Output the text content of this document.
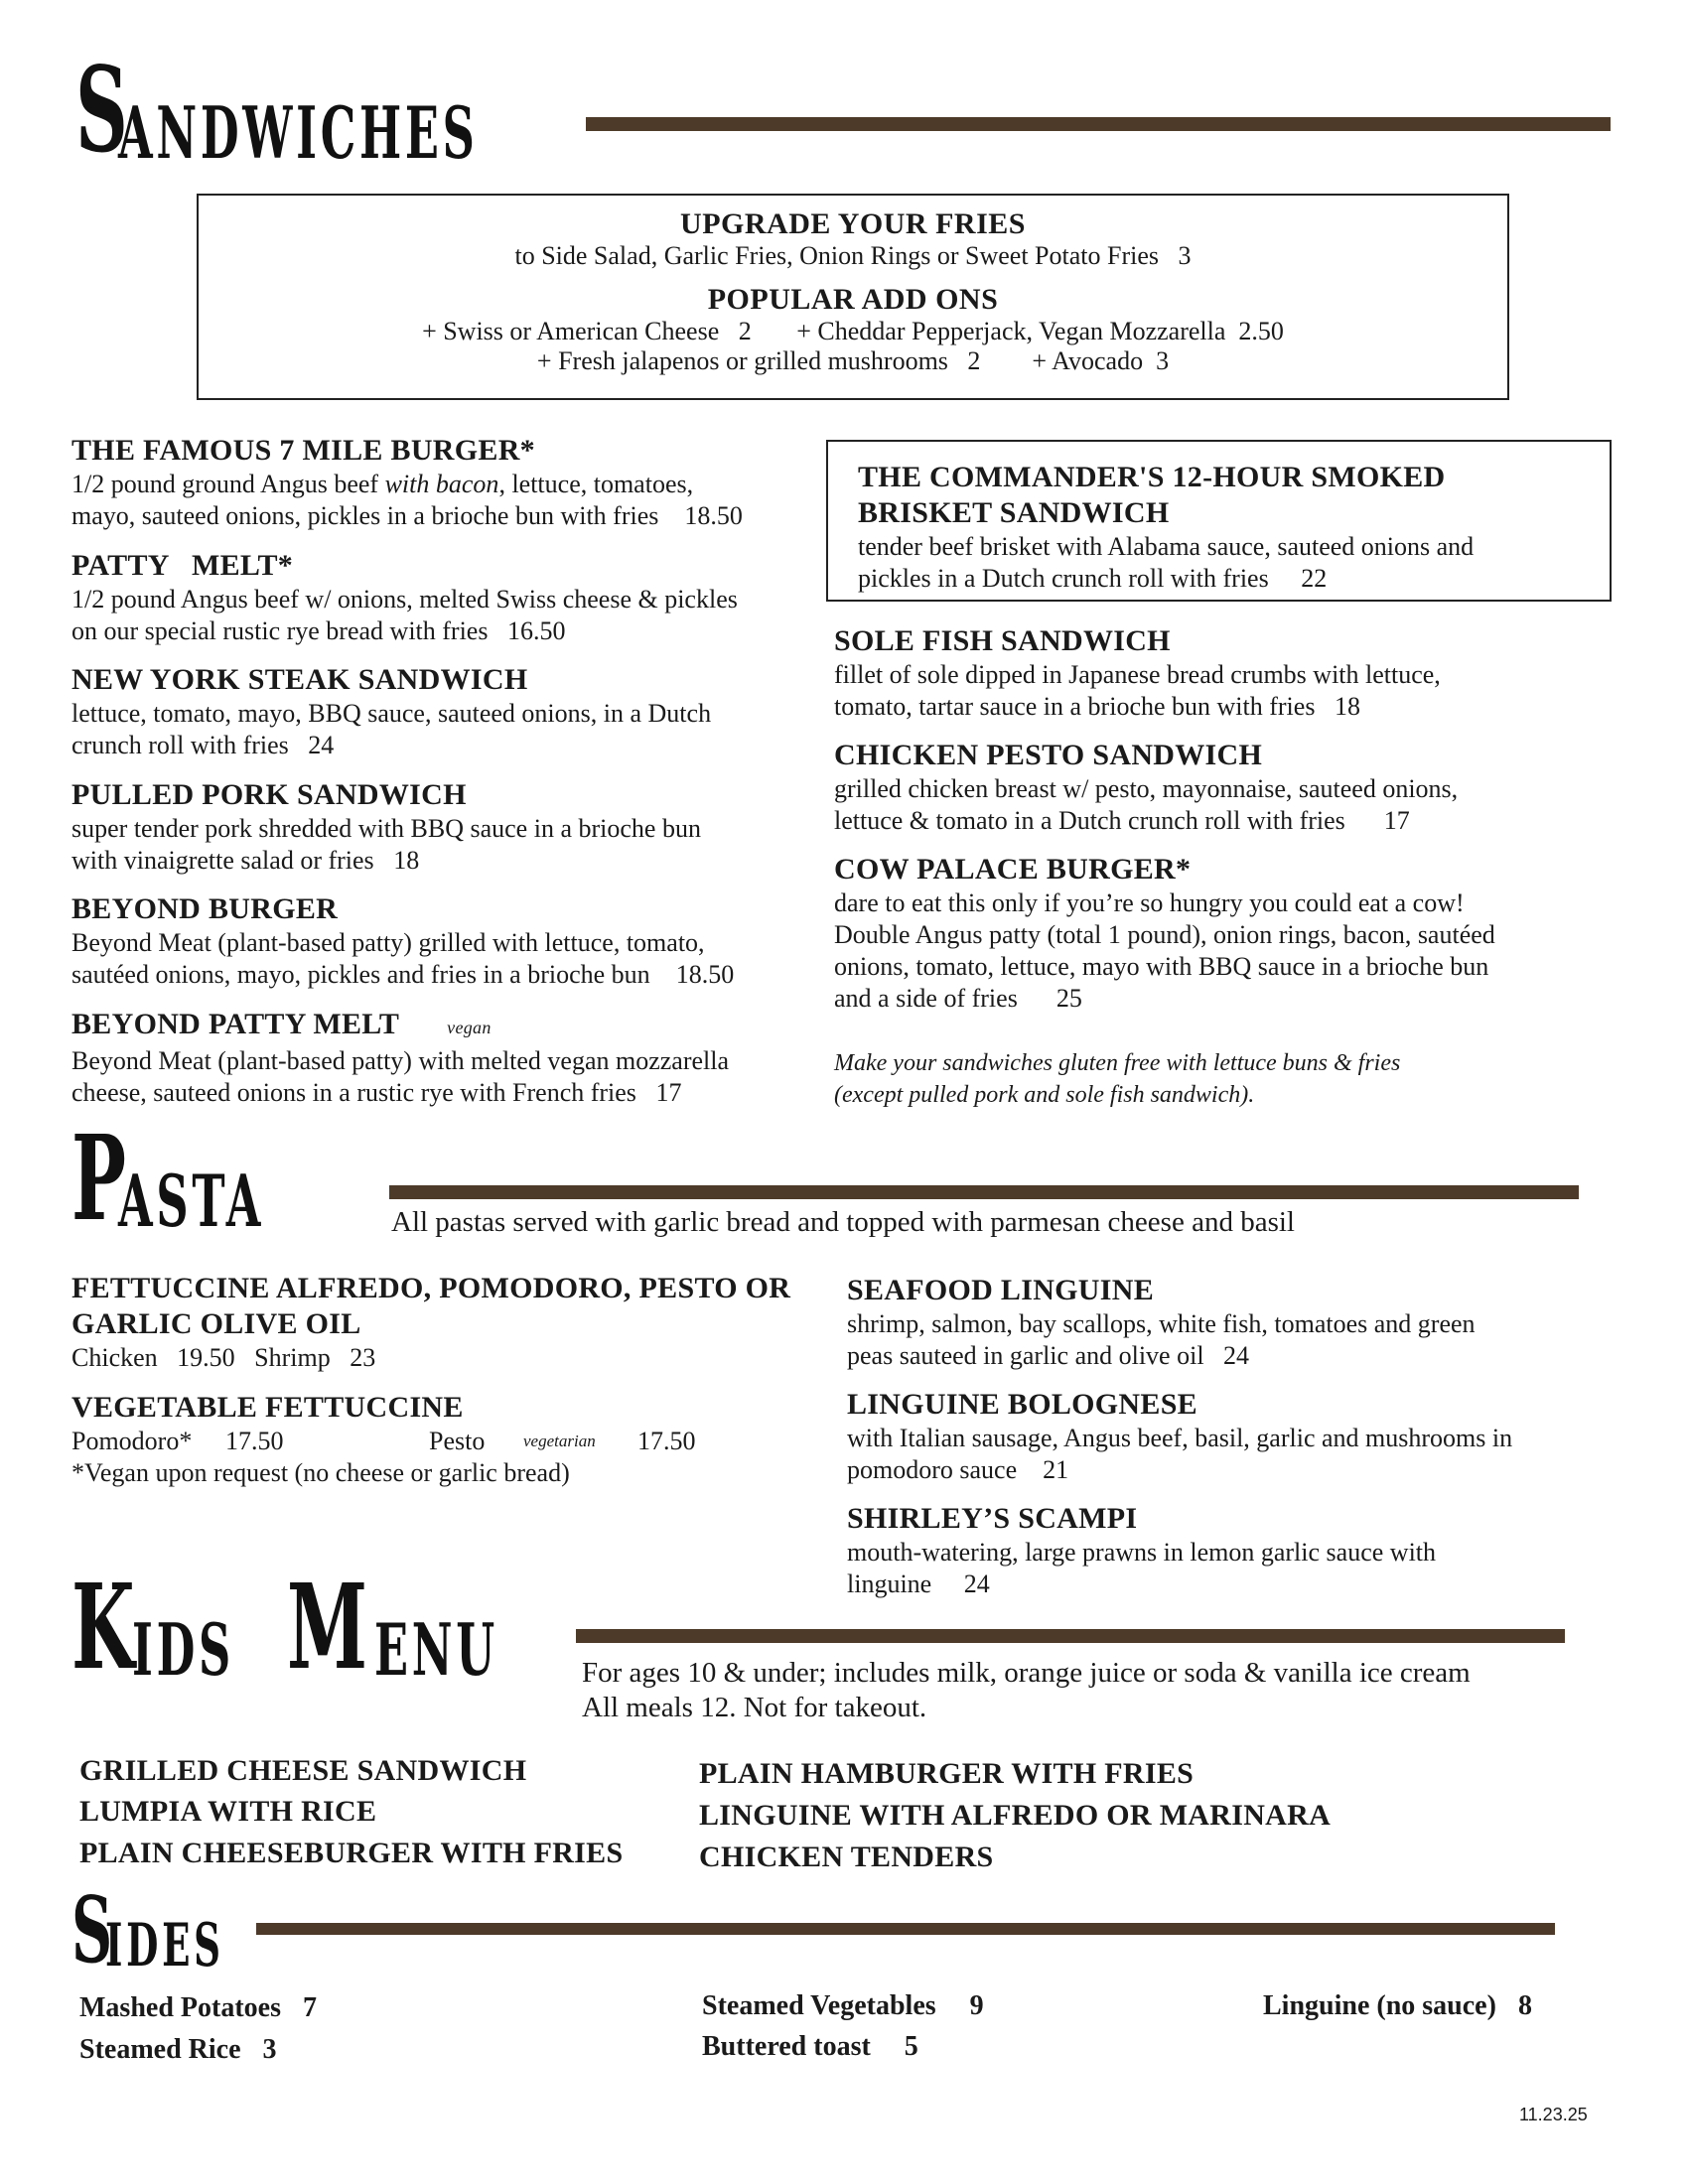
S
ANDWICHES
UPGRADE YOUR FRIES
to Side Salad, Garlic Fries, Onion Rings or Sweet Potato Fries 3
POPULAR ADD ONS
+ Swiss or American Cheese 2 + Cheddar Pepperjack, Vegan Mozzarella 2.50
+ Fresh jalapenos or grilled mushrooms 2 + Avocado 3
THE FAMOUS 7 MILE BURGER*
1/2 pound ground Angus beef with bacon, lettuce, tomatoes,
mayo, sauteed onions, pickles in a brioche bun with fries 18.50
PATTY   MELT*
1/2 pound Angus beef w/ onions, melted Swiss cheese & pickles
on our special rustic rye bread with fries 16.50
NEW YORK STEAK SANDWICH
lettuce, tomato, mayo, BBQ sauce, sauteed onions, in a Dutch
crunch roll with fries 24
PULLED PORK SANDWICH
super tender pork shredded with BBQ sauce in a brioche bun
with vinaigrette salad or fries 18
BEYOND BURGER
Beyond Meat (plant-based patty) grilled with lettuce, tomato,
sautéed onions, mayo, pickles and fries in a brioche bun 18.50
BEYOND PATTY MELT	vegan
Beyond Meat (plant-based patty) with melted vegan mozzarella
cheese, sauteed onions in a rustic rye with French fries 17
THE COMMANDER'S 12-HOUR SMOKED
BRISKET SANDWICH
tender beef brisket with Alabama sauce, sauteed onions and
pickles in a Dutch crunch roll with fries 22
SOLE FISH SANDWICH
fillet of sole dipped in Japanese bread crumbs with lettuce,
tomato, tartar sauce in a brioche bun with fries 18
CHICKEN PESTO SANDWICH
grilled chicken breast w/ pesto, mayonnaise, sauteed onions,
lettuce & tomato in a Dutch crunch roll with fries 17
COW PALACE BURGER*
dare to eat this only if you’re so hungry you could eat a cow!
Double Angus patty (total 1 pound), onion rings, bacon, sautéed
onions, tomato, lettuce, mayo with BBQ sauce in a brioche bun
and a side of fries 25
Make your sandwiches gluten free with lettuce buns & fries
(except pulled pork and sole fish sandwich).
P
ASTA	All pastas served with garlic bread and topped with parmesan cheese and basil
FETTUCCINE ALFREDO, POMODORO, PESTO OR
GARLIC OLIVE OIL
Chicken 19.50 Shrimp 23
VEGETABLE FETTUCCINE
Pomodoro* 17.50	Pesto vegetarian 17.50
*Vegan upon request (no cheese or garlic bread)
SEAFOOD LINGUINE
shrimp, salmon, bay scallops, white fish, tomatoes and green
peas sauteed in garlic and olive oil 24
LINGUINE BOLOGNESE
with Italian sausage, Angus beef, basil, garlic and mushrooms in
pomodoro sauce 21
SHIRLEY’S SCAMPI
mouth-watering, large prawns in lemon garlic sauce with
linguine 24
K
IDS M ENU	For ages 10 & under; includes milk, orange juice or soda & vanilla ice cream
All meals 12. Not for takeout.
GRILLED CHEESE SANDWICH
LUMPIA WITH RICE
PLAIN CHEESEBURGER WITH FRIES
PLAIN HAMBURGER WITH FRIES
LINGUINE WITH ALFREDO OR MARINARA
CHICKEN TENDERS
S
IDES
Mashed Potatoes 7
Steamed Rice 3
Steamed Vegetables 9
Buttered toast 5
Linguine (no sauce) 8
11.23.25
